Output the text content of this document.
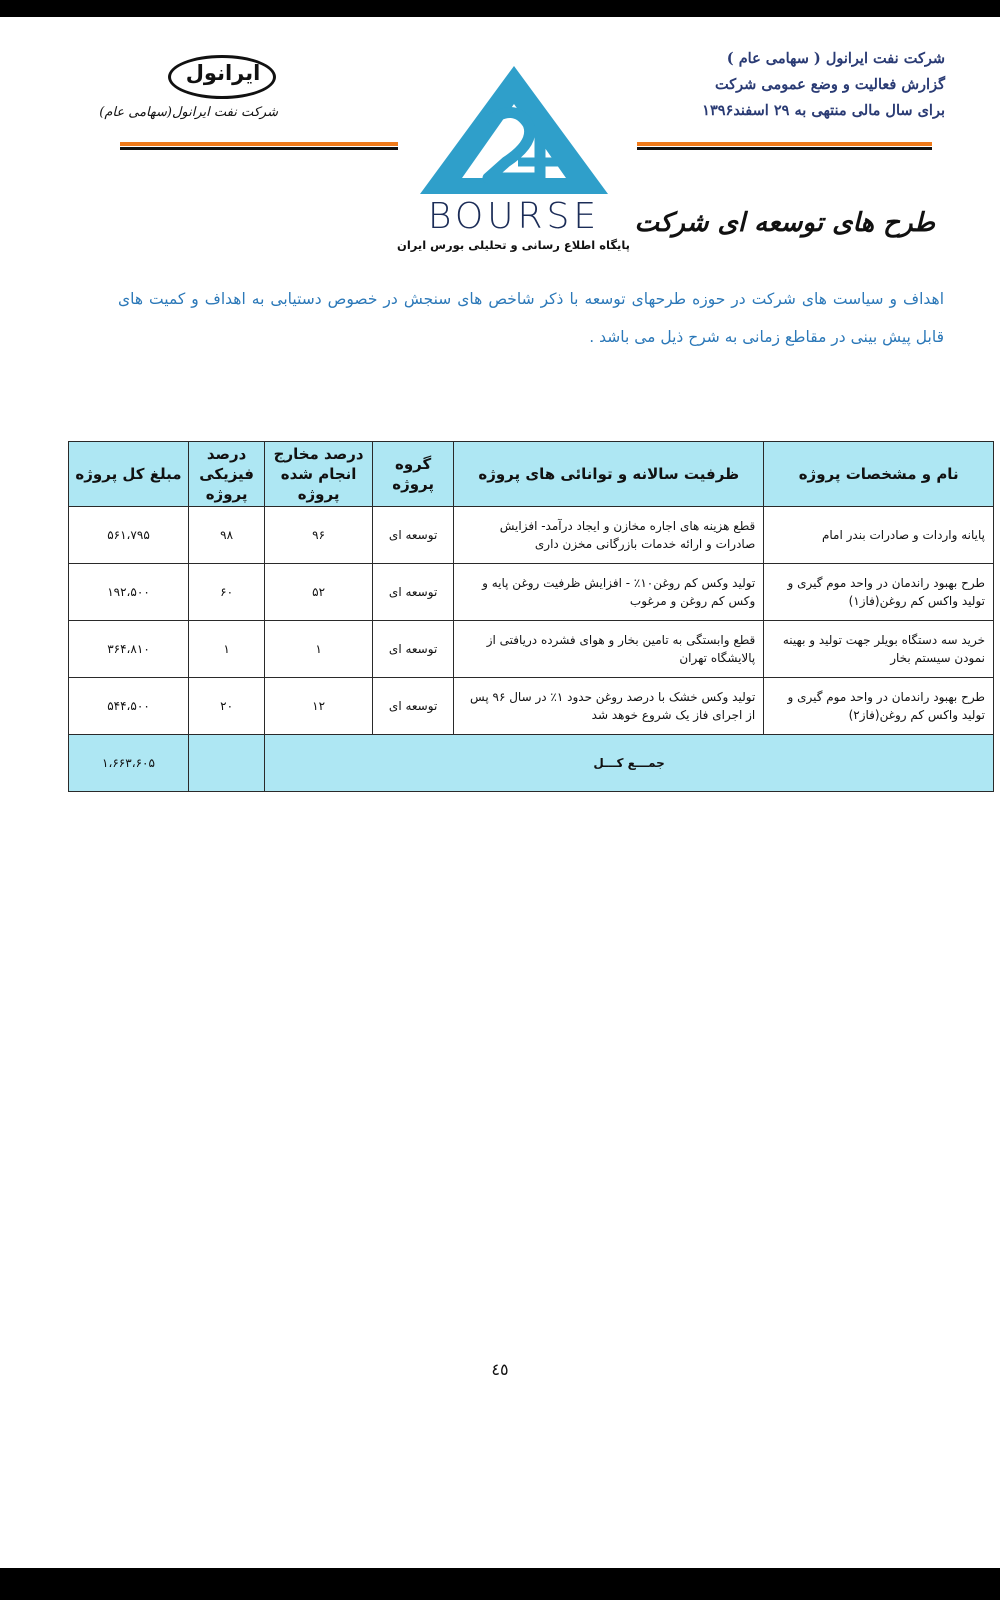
ایرانول
شرکت نفت ایرانول(سهامی عام)
BOURSE
پایگاه اطلاع رسانی و تحلیلی بورس ایران
شرکت نفت ایرانول ( سهامی عام )
گزارش فعالیت و وضع عمومی شرکت
برای سال مالی منتهی به ۲۹ اسفند۱۳۹۶
طرح های توسعه ای شرکت
اهداف و سیاست های شرکت در حوزه طرحهای توسعه با ذکر شاخص های سنجش در خصوص دستیابی به اهداف و کمیت های قابل پیش بینی در مقاطع زمانی به شرح ذیل می باشد .
نام و مشخصات پروژه	ظرفیت سالانه و توانائی های پروژه	گروه پروژه	درصد مخارج انجام شده پروژه	درصد فیزیکی پروژه	مبلغ کل پروژه
پایانه واردات و صادرات بندر امام	قطع هزینه های اجاره مخازن و ایجاد درآمد- افزایش صادرات و ارائه خدمات بازرگانی مخزن داری	توسعه ای	۹۶	۹۸	۵۶۱،۷۹۵
طرح بهبود راندمان در واحد موم گیری و تولید واکس کم روغن(فاز۱)	تولید وکس کم روغن۱۰٪ - افزایش ظرفیت روغن پایه و وکس کم روغن و مرغوب	توسعه ای	۵۲	۶۰	۱۹۲،۵۰۰
خرید سه دستگاه بویلر جهت تولید و بهینه نمودن سیستم بخار	قطع وابستگی به تامین بخار و هوای فشرده دریافتی از پالایشگاه تهران	توسعه ای	۱	۱	۳۶۴،۸۱۰
طرح بهبود راندمان در واحد موم گیری و تولید واکس کم روغن(فاز۲)	تولید وکس خشک با درصد روغن حدود ۱٪ در سال ۹۶ پس از اجرای فاز یک شروع خوهد شد	توسعه ای	۱۲	۲۰	۵۴۴،۵۰۰
جمـــع كـــل					۱،۶۶۳،۶۰۵
٤٥
